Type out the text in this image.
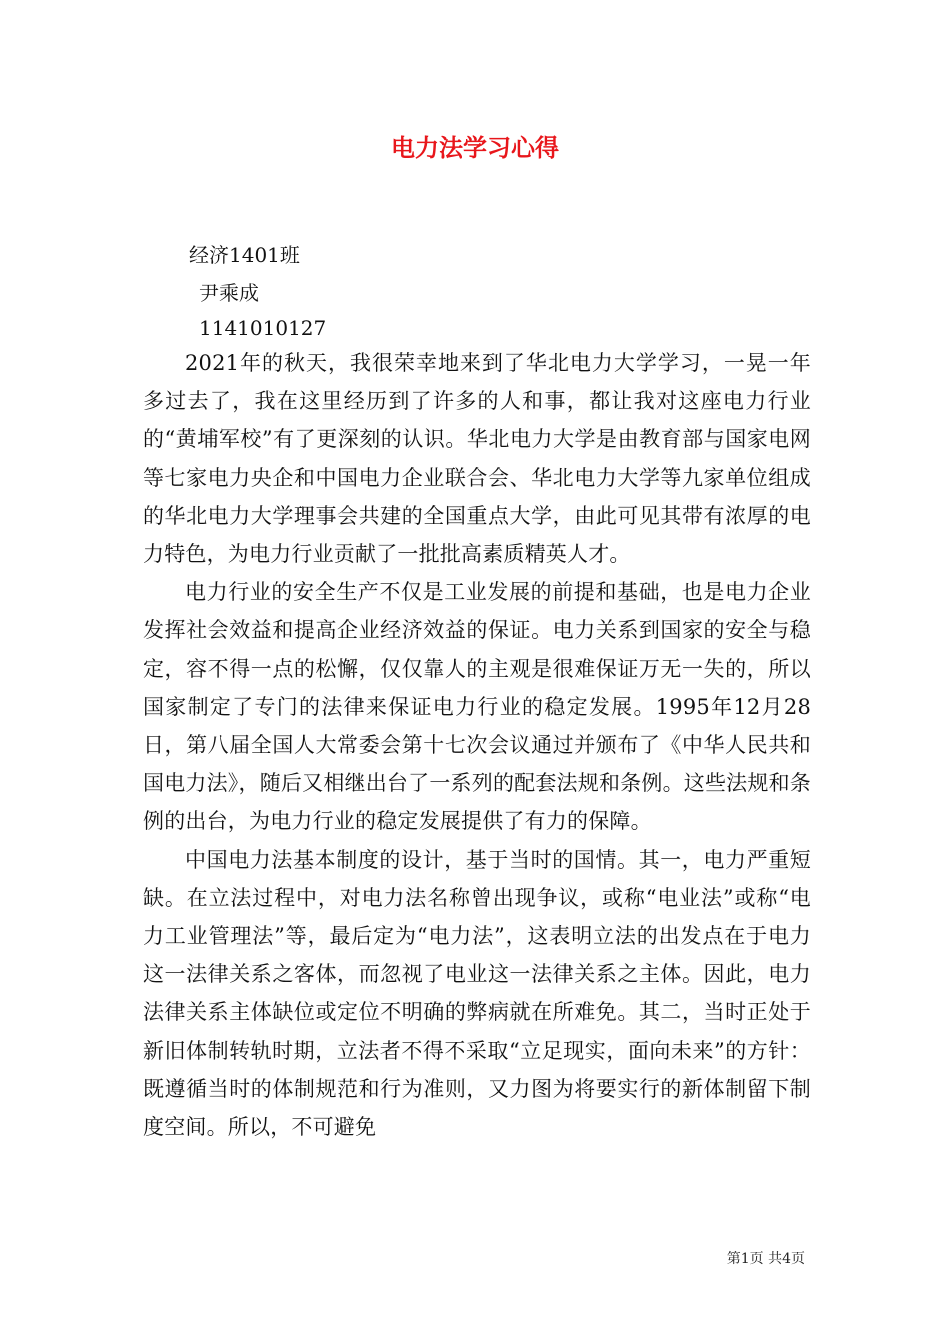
电力法学习心得

经济1401班

尹乘成

1141010127

2021年的秋天，我很荣幸地来到了华北电力大学学习，一晃一年多过去了，我在这里经历到了许多的人和事，都让我对这座电力行业的“黄埔军校”有了更深刻的认识。华北电力大学是由教育部与国家电网等七家电力央企和中国电力企业联合会、华北电力大学等九家单位组成的华北电力大学理事会共建的全国重点大学，由此可见其带有浓厚的电力特色，为电力行业贡献了一批批高素质精英人才。

电力行业的安全生产不仅是工业发展的前提和基础，也是电力企业发挥社会效益和提高企业经济效益的保证。电力关系到国家的安全与稳定，容不得一点的松懈，仅仅靠人的主观是很难保证万无一失的，所以国家制定了专门的法律来保证电力行业的稳定发展。1995年12月28日，第八届全国人大常委会第十七次会议通过并颁布了《中华人民共和国电力法》，随后又相继出台了一系列的配套法规和条例。这些法规和条例的出台，为电力行业的稳定发展提供了有力的保障。

中国电力法基本制度的设计，基于当时的国情。其一，电力严重短缺。在立法过程中，对电力法名称曾出现争议，或称“电业法”或称“电力工业管理法”等，最后定为“电力法”，这表明立法的出发点在于电力这一法律关系之客体，而忽视了电业这一法律关系之主体。因此，电力法律关系主体缺位或定位不明确的弊病就在所难免。其二，当时正处于新旧体制转轨时期，立法者不得不采取“立足现实，面向未来”的方针：既遵循当时的体制规范和行为准则，又力图为将要实行的新体制留下制度空间。所以，不可避免

第1页 共4页
